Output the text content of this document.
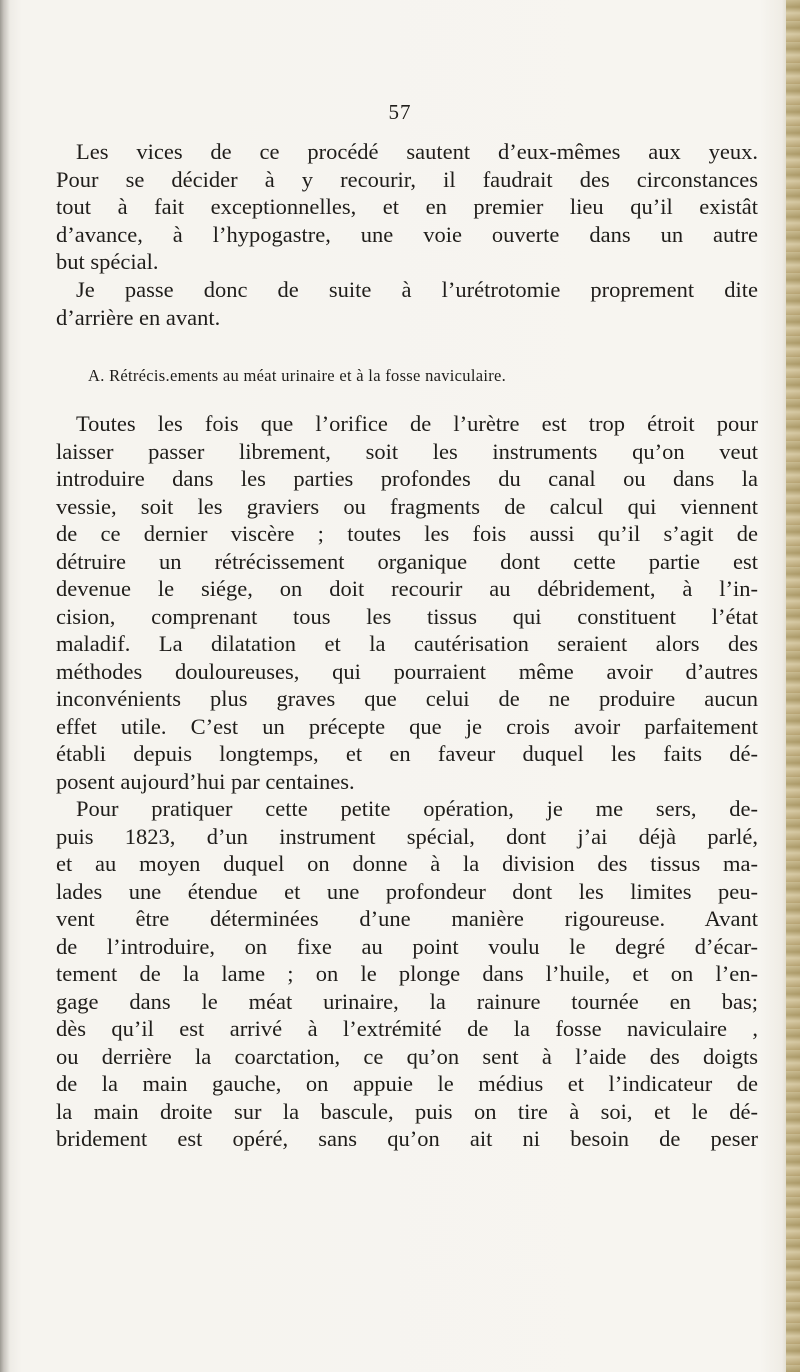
57
Les vices de ce procédé sautent d’eux-mêmes aux yeux.
Pour se décider à y recourir, il faudrait des circonstances
tout à fait exceptionnelles, et en premier lieu qu’il existât
d’avance, à l’hypogastre, une voie ouverte dans un autre
but spécial.
Je passe donc de suite à l’urétrotomie proprement dite
d’arrière en avant.
A. Rétrécis.ements au méat urinaire et à la fosse naviculaire.
Toutes les fois que l’orifice de l’urètre est trop étroit pour
laisser passer librement, soit les instruments qu’on veut
introduire dans les parties profondes du canal ou dans la
vessie, soit les graviers ou fragments de calcul qui viennent
de ce dernier viscère ; toutes les fois aussi qu’il s’agit de
détruire un rétrécissement organique dont cette partie est
devenue le siége, on doit recourir au débridement, à l’in-
cision, comprenant tous les tissus qui constituent l’état
maladif. La dilatation et la cautérisation seraient alors des
méthodes douloureuses, qui pourraient même avoir d’autres
inconvénients plus graves que celui de ne produire aucun
effet utile. C’est un précepte que je crois avoir parfaitement
établi depuis longtemps, et en faveur duquel les faits dé-
posent aujourd’hui par centaines.
Pour pratiquer cette petite opération, je me sers, de-
puis 1823, d’un instrument spécial, dont j’ai déjà parlé,
et au moyen duquel on donne à la division des tissus ma-
lades une étendue et une profondeur dont les limites peu-
vent être déterminées d’une manière rigoureuse. Avant
de l’introduire, on fixe au point voulu le degré d’écar-
tement de la lame ; on le plonge dans l’huile, et on l’en-
gage dans le méat urinaire, la rainure tournée en bas;
dès qu’il est arrivé à l’extrémité de la fosse naviculaire ,
ou derrière la coarctation, ce qu’on sent à l’aide des doigts
de la main gauche, on appuie le médius et l’indicateur de
la main droite sur la bascule, puis on tire à soi, et le dé-
bridement est opéré, sans qu’on ait ni besoin de peser
